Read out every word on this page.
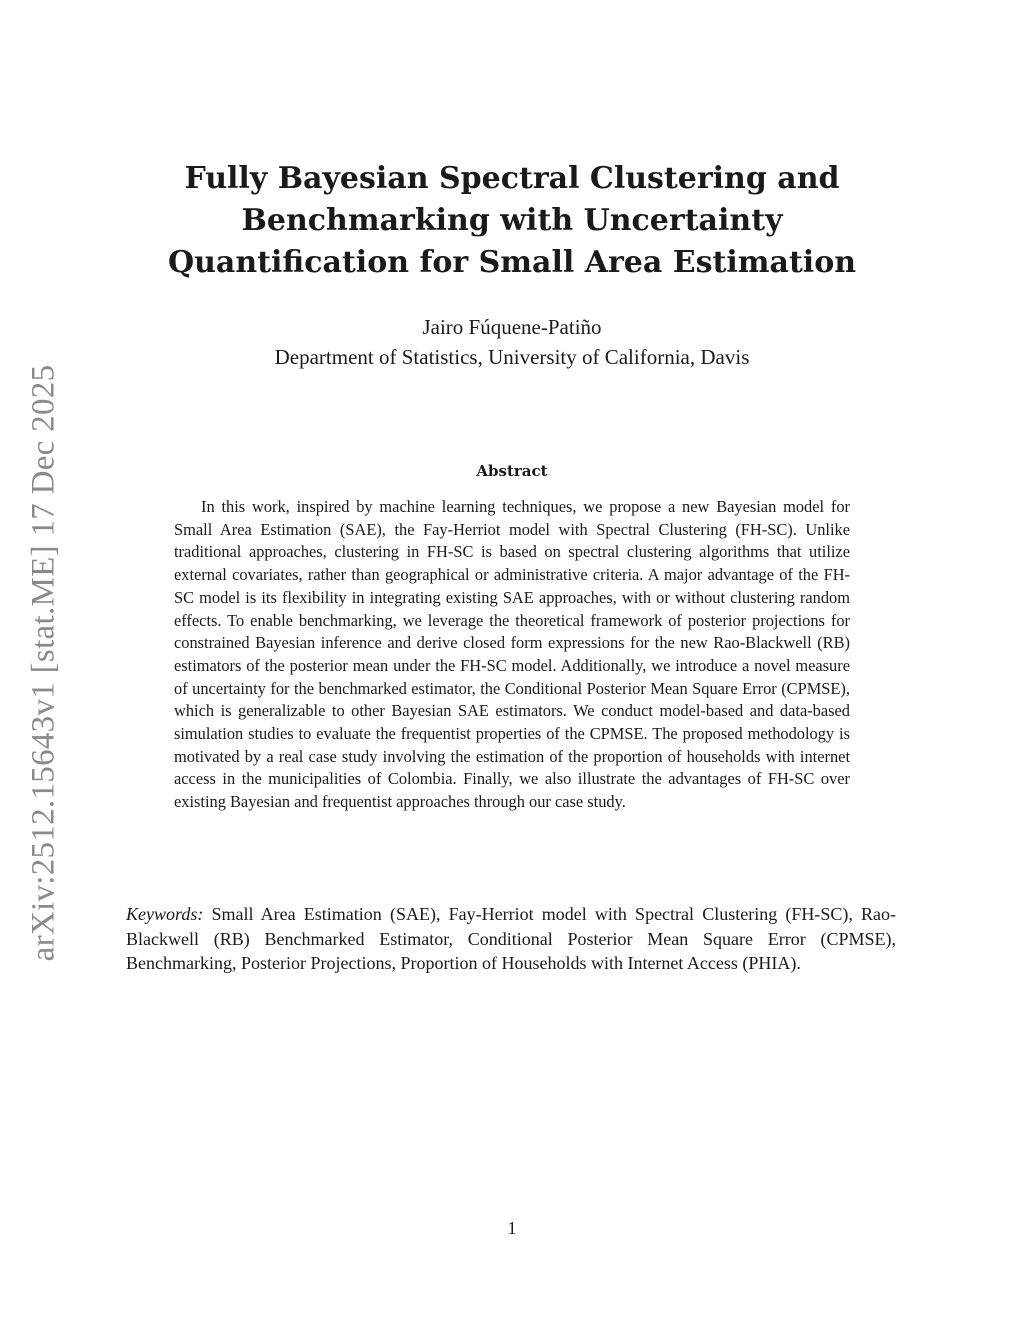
arXiv:2512.15643v1 [stat.ME] 17 Dec 2025
Fully Bayesian Spectral Clustering and
Benchmarking with Uncertainty
Quantification for Small Area Estimation
Jairo Fúquene-Patiño
Department of Statistics, University of California, Davis
Abstract

In this work, inspired by machine learning techniques, we propose a new Bayesian model for Small Area Estimation (SAE), the Fay-Herriot model with Spectral Clustering (FH-SC). Unlike traditional approaches, clustering in FH-SC is based on spectral clustering algorithms that utilize external covariates, rather than geographical or administrative criteria. A major advantage of the FH-SC model is its flexibility in integrating existing SAE approaches, with or without clustering random effects. To enable benchmarking, we leverage the theoretical framework of posterior projections for constrained Bayesian inference and derive closed form expressions for the new Rao-Blackwell (RB) estimators of the posterior mean under the FH-SC model. Additionally, we introduce a novel measure of uncertainty for the benchmarked estimator, the Conditional Posterior Mean Square Error (CPMSE), which is generalizable to other Bayesian SAE estimators. We conduct model-based and data-based simulation studies to evaluate the frequentist properties of the CPMSE. The proposed methodology is motivated by a real case study involving the estimation of the proportion of households with internet access in the municipalities of Colombia. Finally, we also illustrate the advantages of FH-SC over existing Bayesian and frequentist approaches through our case study.

Keywords: Small Area Estimation (SAE), Fay-Herriot model with Spectral Clustering (FH-SC), Rao-Blackwell (RB) Benchmarked Estimator, Conditional Posterior Mean Square Error (CPMSE), Benchmarking, Posterior Projections, Proportion of Households with Internet Access (PHIA).

1
